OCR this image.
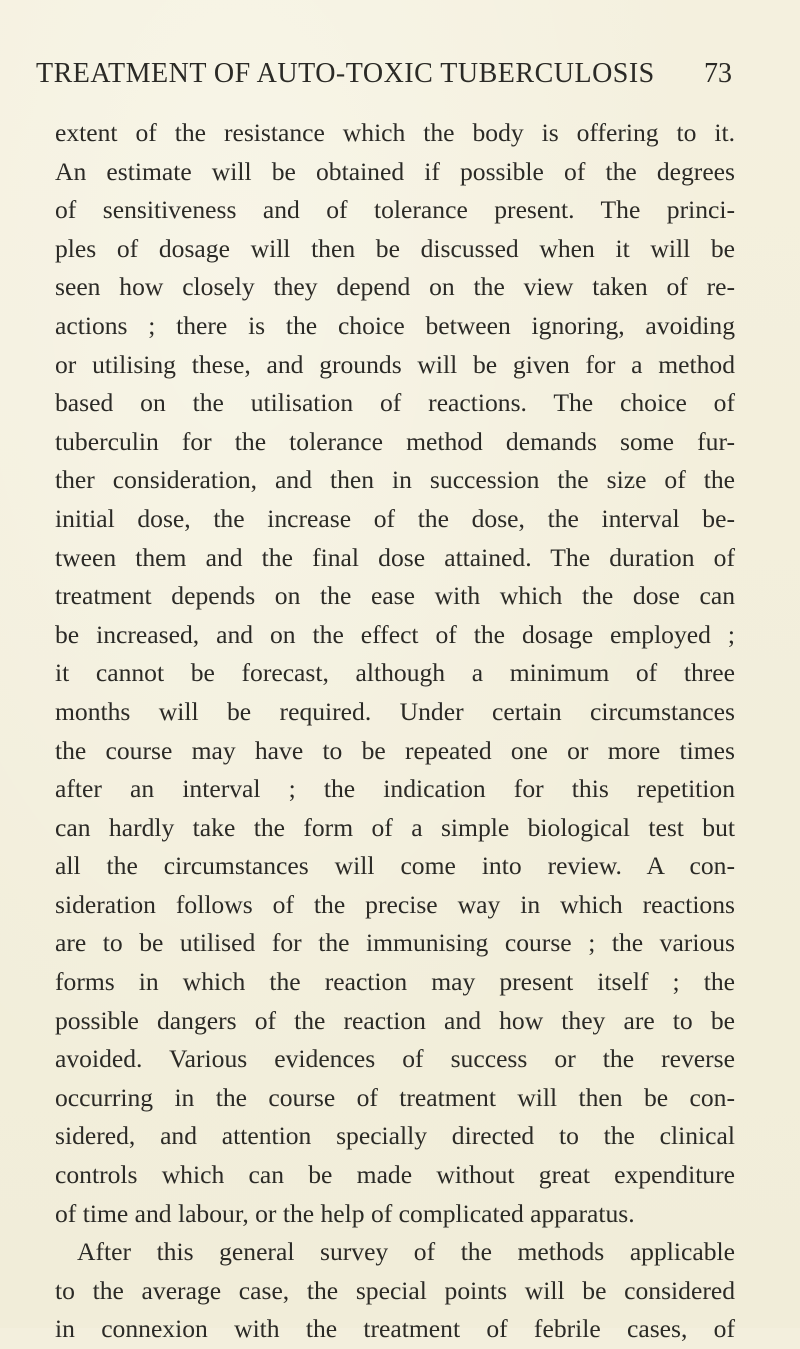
TREATMENT OF AUTO-TOXIC TUBERCULOSIS 73
extent of the resistance which the body is offering to it.
An estimate will be obtained if possible of the degrees
of sensitiveness and of tolerance present. The princi-
ples of dosage will then be discussed when it will be
seen how closely they depend on the view taken of re-
actions ; there is the choice between ignoring, avoiding
or utilising these, and grounds will be given for a method
based on the utilisation of reactions. The choice of
tuberculin for the tolerance method demands some fur-
ther consideration, and then in succession the size of the
initial dose, the increase of the dose, the interval be-
tween them and the final dose attained. The duration of
treatment depends on the ease with which the dose can
be increased, and on the effect of the dosage employed ;
it cannot be forecast, although a minimum of three
months will be required. Under certain circumstances
the course may have to be repeated one or more times
after an interval ; the indication for this repetition
can hardly take the form of a simple biological test but
all the circumstances will come into review. A con-
sideration follows of the precise way in which reactions
are to be utilised for the immunising course ; the various
forms in which the reaction may present itself ; the
possible dangers of the reaction and how they are to be
avoided. Various evidences of success or the reverse
occurring in the course of treatment will then be con-
sidered, and attention specially directed to the clinical
controls which can be made without great expenditure
of time and labour, or the help of complicated apparatus.
After this general survey of the methods applicable
to the average case, the special points will be considered
in connexion with the treatment of febrile cases, of
